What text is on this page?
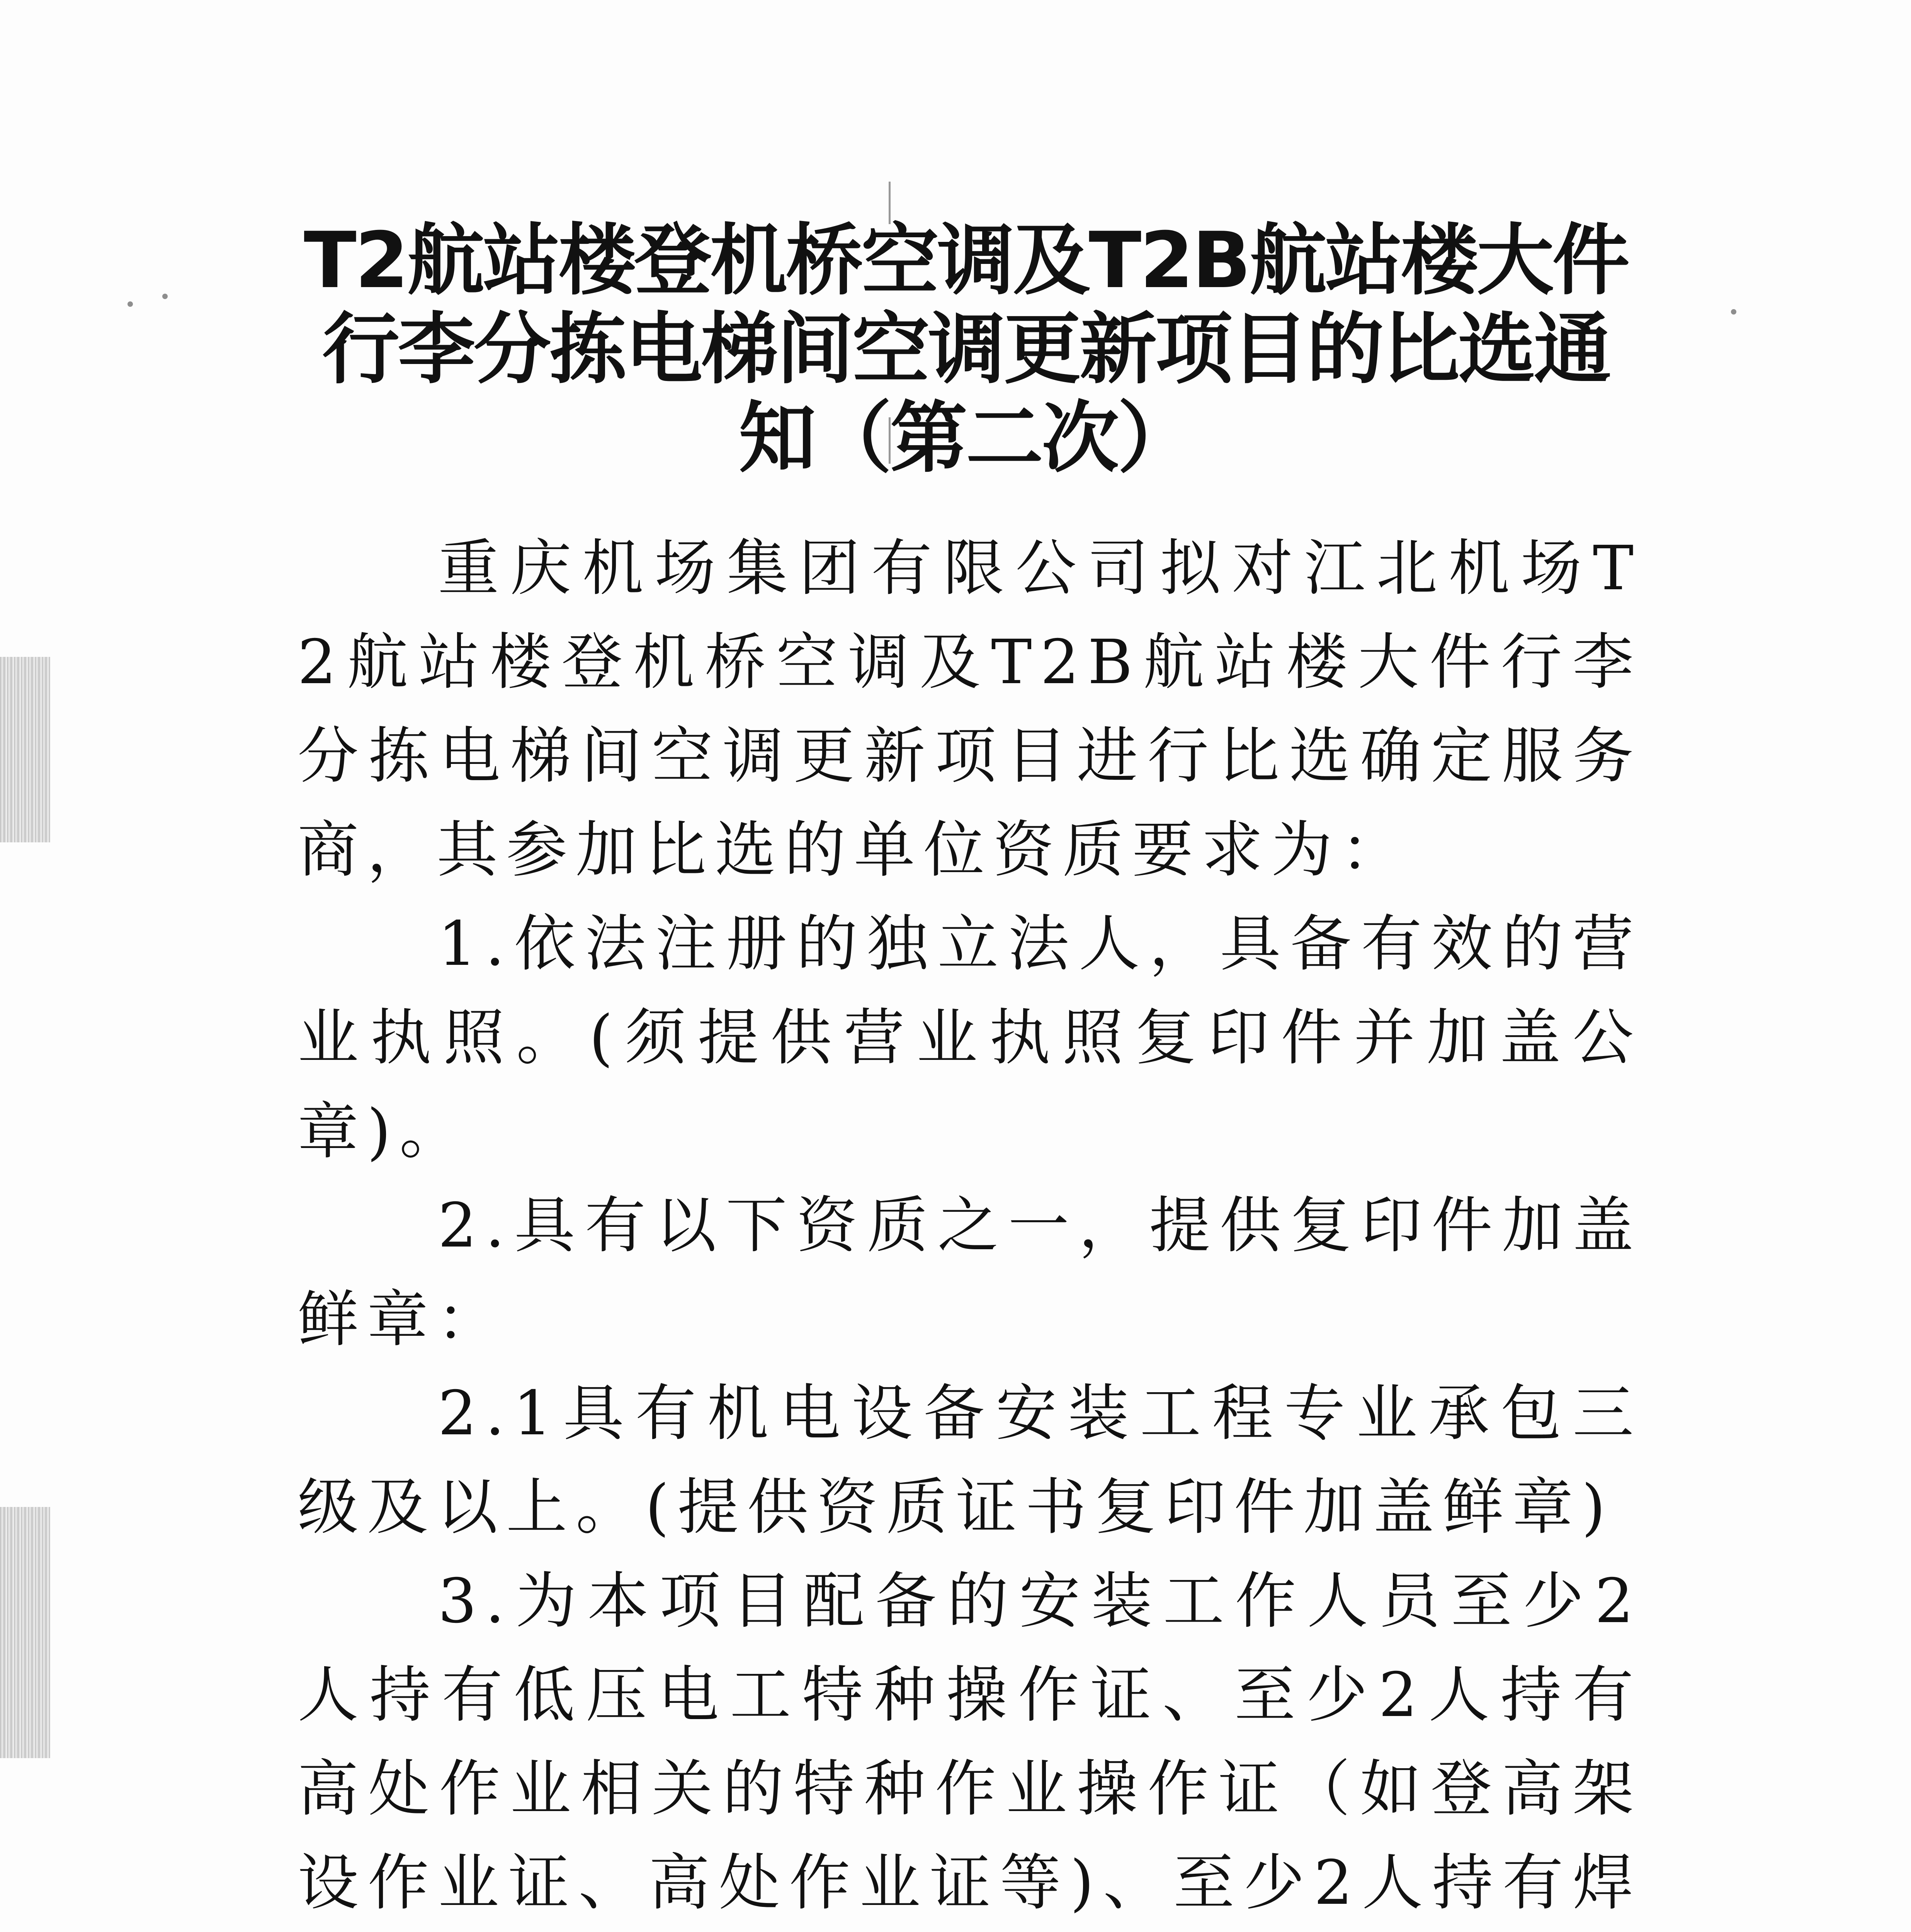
T2航站楼登机桥空调及T2B航站楼大件行李分拣电梯间空调更新项目的比选通知（第二次）

重庆机场集团有限公司拟对江北机场T2航站楼登机桥空调及T2B航站楼大件行李分拣电梯间空调更新项目进行比选确定服务商，其参加比选的单位资质要求为：

1.依法注册的独立法人，具备有效的营业执照。(须提供营业执照复印件并加盖公章)。

2.具有以下资质之一，提供复印件加盖鲜章：

2.1具有机电设备安装工程专业承包三级及以上。(提供资质证书复印件加盖鲜章)

3.为本项目配备的安装工作人员至少2人持有低压电工特种操作证、至少2人持有高处作业相关的特种作业操作证（如登高架设作业证、高处作业证等)、至少2人持有焊
